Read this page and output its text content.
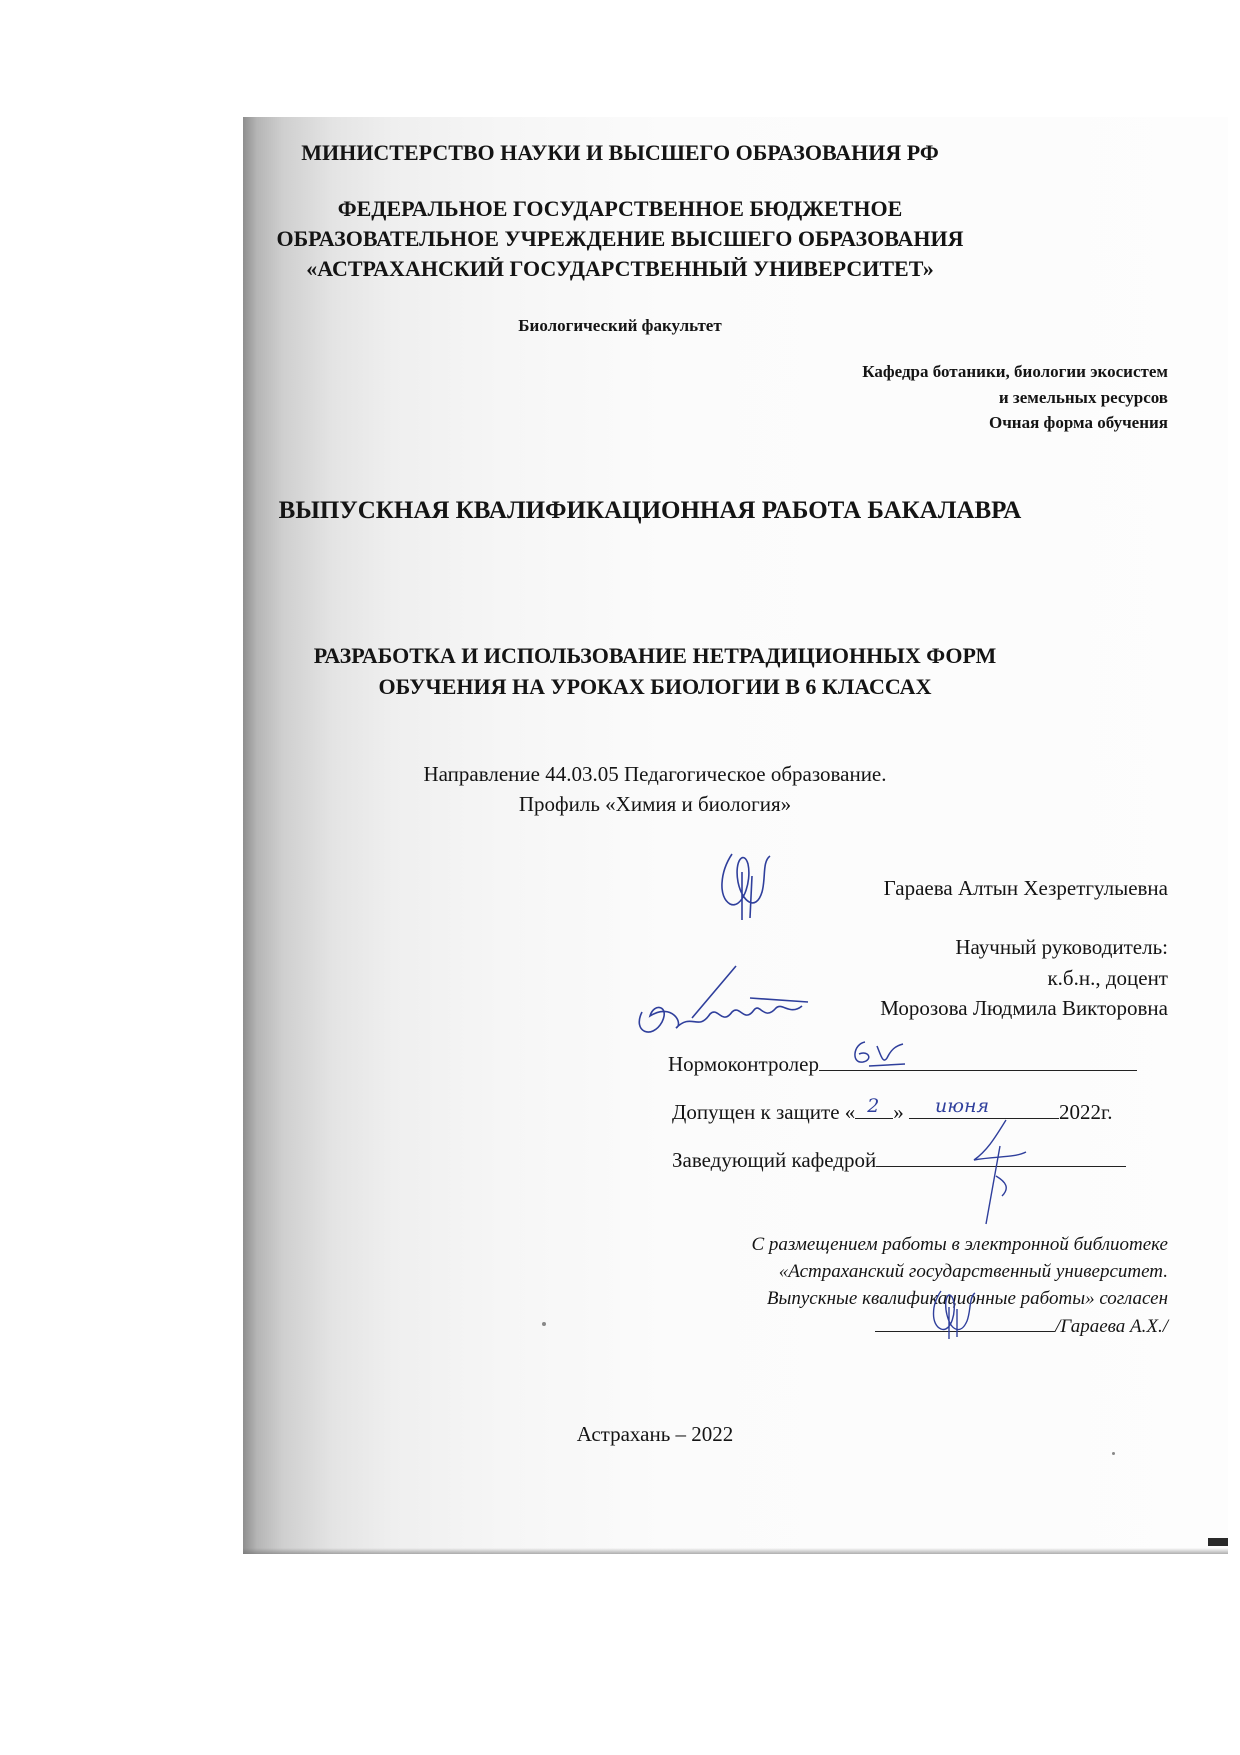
МИНИСТЕРСТВО НАУКИ И ВЫСШЕГО ОБРАЗОВАНИЯ РФ
ФЕДЕРАЛЬНОЕ ГОСУДАРСТВЕННОЕ БЮДЖЕТНОЕ
ОБРАЗОВАТЕЛЬНОЕ УЧРЕЖДЕНИЕ ВЫСШЕГО ОБРАЗОВАНИЯ
«АСТРАХАНСКИЙ ГОСУДАРСТВЕННЫЙ УНИВЕРСИТЕТ»
Биологический факультет
Кафедра ботаники, биологии экосистем
и земельных ресурсов
Очная форма обучения
ВЫПУСКНАЯ КВАЛИФИКАЦИОННАЯ РАБОТА БАКАЛАВРА
РАЗРАБОТКА И ИСПОЛЬЗОВАНИЕ НЕТРАДИЦИОННЫХ ФОРМ
ОБУЧЕНИЯ НА УРОКАХ БИОЛОГИИ В 6 КЛАССАХ
Направление 44.03.05 Педагогическое образование.
Профиль «Химия и биология»
Гараева Алтын Хезретгулыевна
Научный руководитель:
к.б.н., доцент
Морозова Людмила Викторовна
Нормоконтролер
Допущен к защите « 2 » июня	2022г.
Заведующий кафедрой
С размещением работы в электронной библиотеке
«Астраханский государственный университет.
Выпускные квалификационные работы» согласен
/Гараева А.Х./
Астрахань – 2022
